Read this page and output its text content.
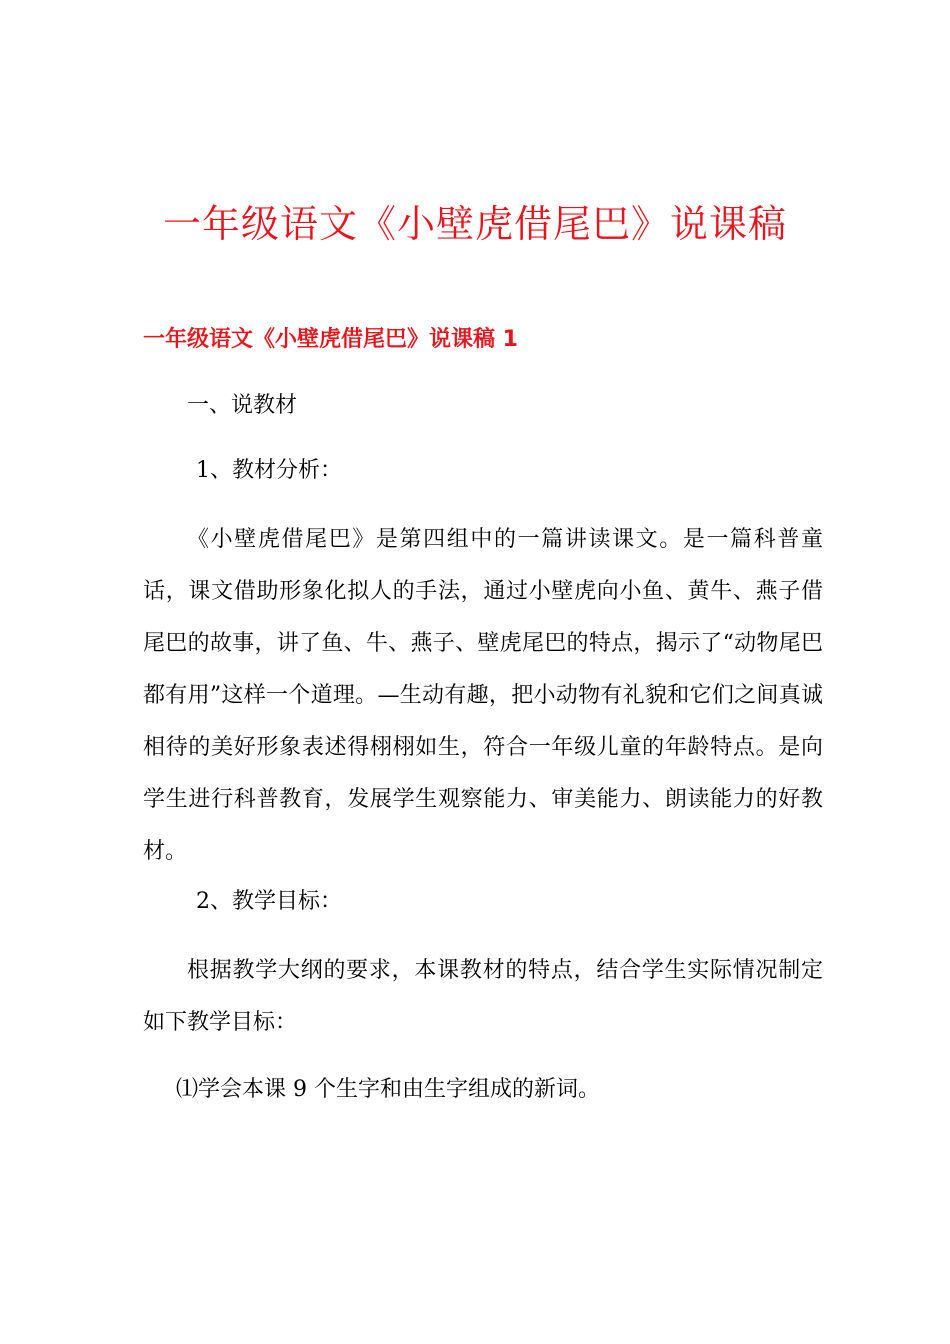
一年级语文《小壁虎借尾巴》说课稿
一年级语文《小壁虎借尾巴》说课稿 1

一、说教材

1、教材分析：

《小壁虎借尾巴》是第四组中的一篇讲读课文。是一篇科普童话，课文借助形象化拟人的手法，通过小壁虎向小鱼、黄牛、燕子借尾巴的故事，讲了鱼、牛、燕子、壁虎尾巴的特点，揭示了“动物尾巴都有用”这样一个道理。—生动有趣，把小动物有礼貌和它们之间真诚相待的美好形象表述得栩栩如生，符合一年级儿童的年龄特点。是向学生进行科普教育，发展学生观察能力、审美能力、朗读能力的好教材。

2、教学目标：

根据教学大纲的要求，本课教材的特点，结合学生实际情况制定如下教学目标：

⑴学会本课 9 个生字和由生字组成的新词。
